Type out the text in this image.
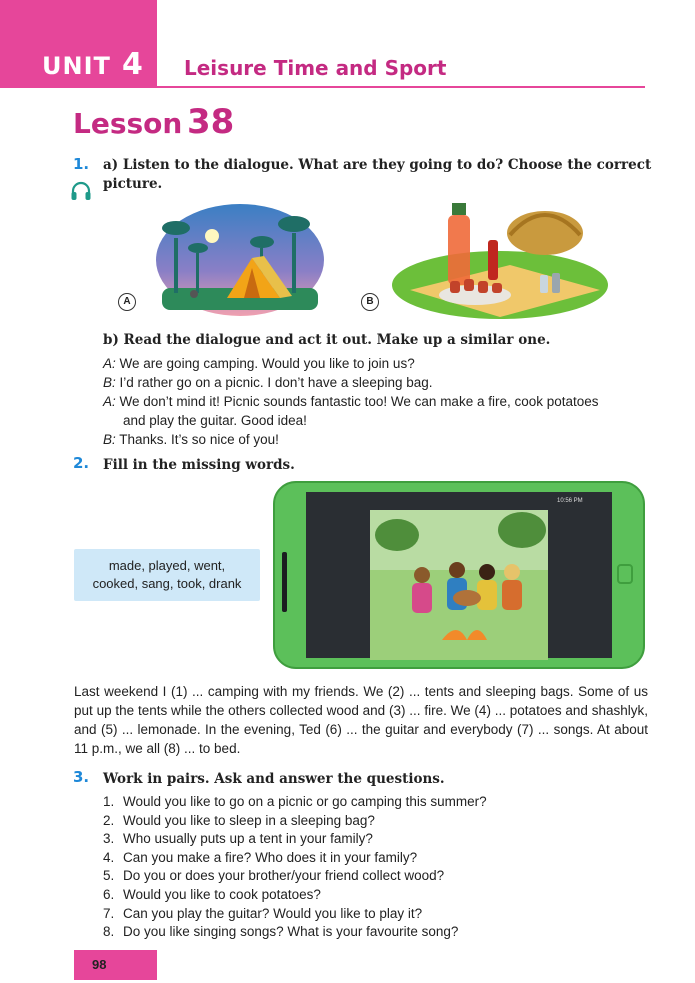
UNIT 4 Leisure Time and Sport
Lesson 38
1. a) Listen to the dialogue. What are they going to do? Choose the correct picture.
A	B
b) Read the dialogue and act it out. Make up a similar one.
A: We are going camping. Would you like to join us?
B: I’d rather go on a picnic. I don’t have a sleeping bag.
A: We don’t mind it! Picnic sounds fantastic too! We can make a fire, cook potatoes
and play the guitar. Good idea!
B: Thanks. It’s so nice of you!
2. Fill in the missing words.
made, played, went,
cooked, sang, took, drank
10:56 PM
Last weekend I (1) ... camping with my friends. We (2) ... tents and sleeping bags. Some of us put up the tents while the others collected wood and (3) ... fire. We (4) ... potatoes and shashlyk, and (5) ... lemonade. In the evening, Ted (6) ... the guitar and everybody (7) ... songs. At about 11 p.m., we all (8) ... to bed.
3. Work in pairs. Ask and answer the questions.
1. Would you like to go on a picnic or go camping this summer?
2. Would you like to sleep in a sleeping bag?
3. Who usually puts up a tent in your family?
4. Can you make a fire? Who does it in your family?
5. Do you or does your brother/your friend collect wood?
6. Would you like to cook potatoes?
7. Can you play the guitar? Would you like to play it?
8. Do you like singing songs? What is your favourite song?
98
